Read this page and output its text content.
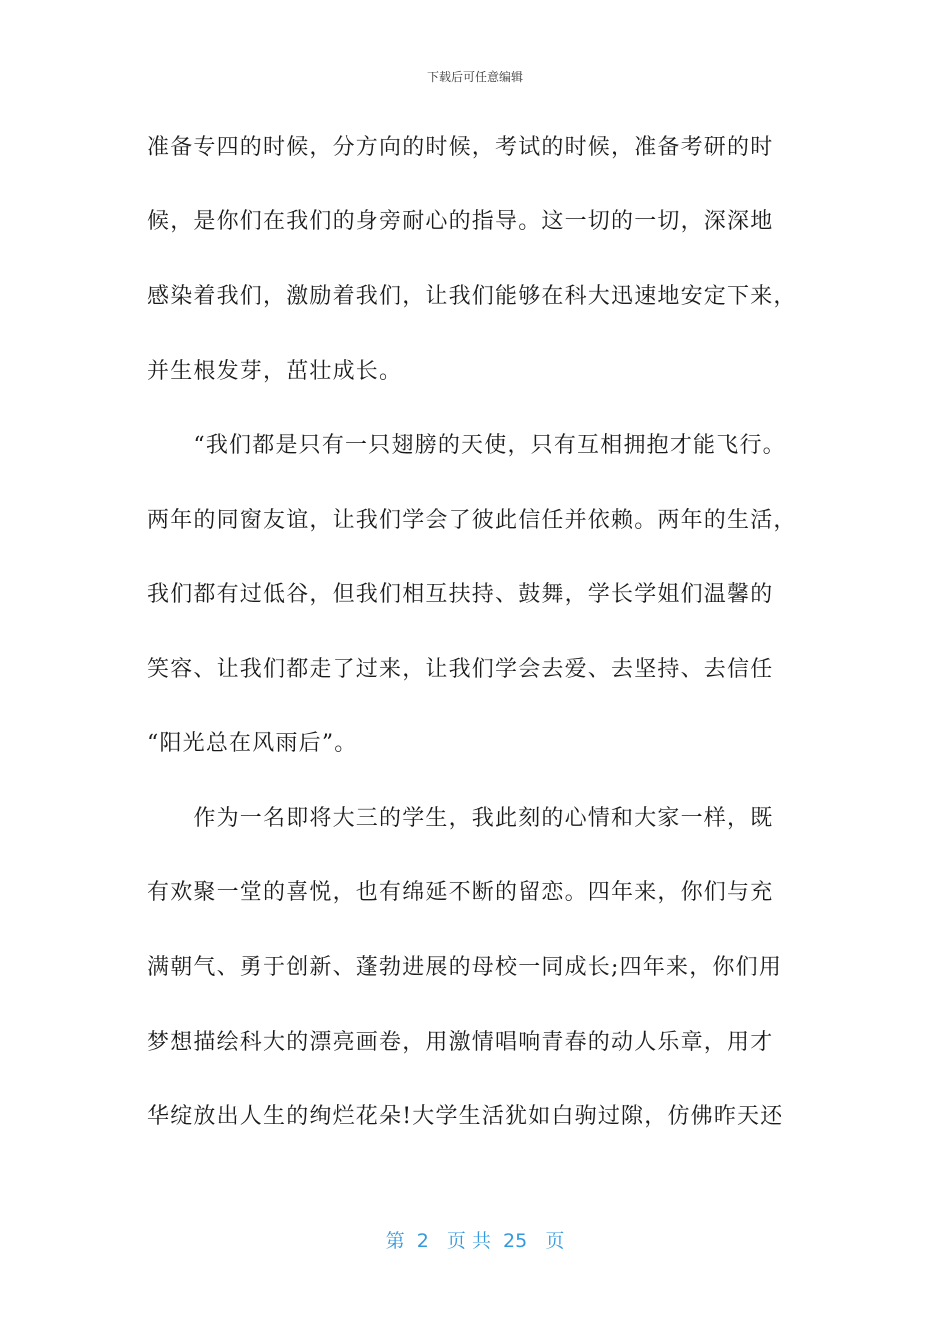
下载后可任意编辑
准备专四的时候，分方向的时候，考试的时候，准备考研的时
候，是你们在我们的身旁耐心的指导。这一切的一切，深深地
感染着我们，激励着我们，让我们能够在科大迅速地安定下来，
并生根发芽，茁壮成长。
　　“我们都是只有一只翅膀的天使，只有互相拥抱才能飞行。
两年的同窗友谊，让我们学会了彼此信任并依赖。两年的生活，
我们都有过低谷，但我们相互扶持、鼓舞，学长学姐们温馨的
笑容、让我们都走了过来，让我们学会去爱、去坚持、去信任
“阳光总在风雨后”。
　　作为一名即将大三的学生，我此刻的心情和大家一样，既
有欢聚一堂的喜悦，也有绵延不断的留恋。四年来，你们与充
满朝气、勇于创新、蓬勃进展的母校一同成长;四年来，你们用
梦想描绘科大的漂亮画卷，用激情唱响青春的动人乐章，用才
华绽放出人生的绚烂花朵!大学生活犹如白驹过隙，仿佛昨天还
第  2   页 共  25   页
